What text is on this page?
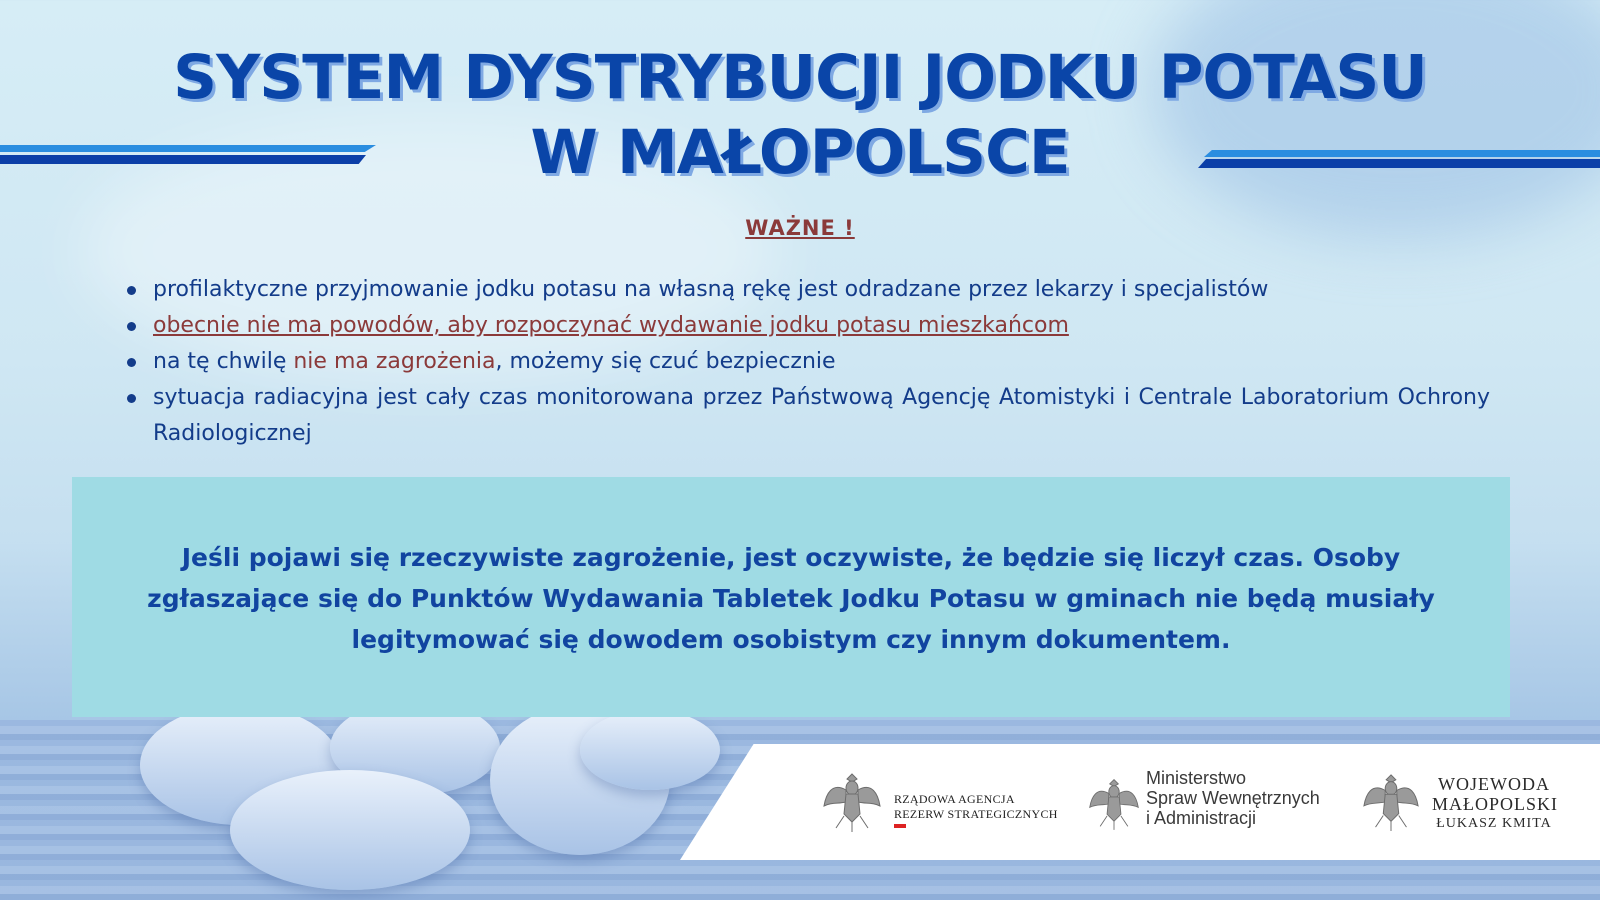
SYSTEM DYSTRYBUCJI JODKU POTASU
W MAŁOPOLSCE
WAŻNE !
profilaktyczne przyjmowanie jodku potasu na własną rękę jest odradzane przez lekarzy i specjalistów
obecnie nie ma powodów, aby rozpoczynać wydawanie jodku potasu mieszkańcom
na tę chwilę nie ma zagrożenia, możemy się czuć bezpiecznie
sytuacja radiacyjna jest cały czas monitorowana przez Państwową Agencję Atomistyki i Centrale Laboratorium Ochrony Radiologicznej
Jeśli pojawi się rzeczywiste zagrożenie, jest oczywiste, że będzie się liczył czas. Osoby zgłaszające się do Punktów Wydawania Tabletek Jodku Potasu w gminach nie będą musiały legitymować się dowodem osobistym czy innym dokumentem.
RZĄDOWA AGENCJA
REZERW STRATEGICZNYCH
Ministerstwo
Spraw Wewnętrznych
i Administracji
WOJEWODA
MAŁOPOLSKI
ŁUKASZ KMITA
